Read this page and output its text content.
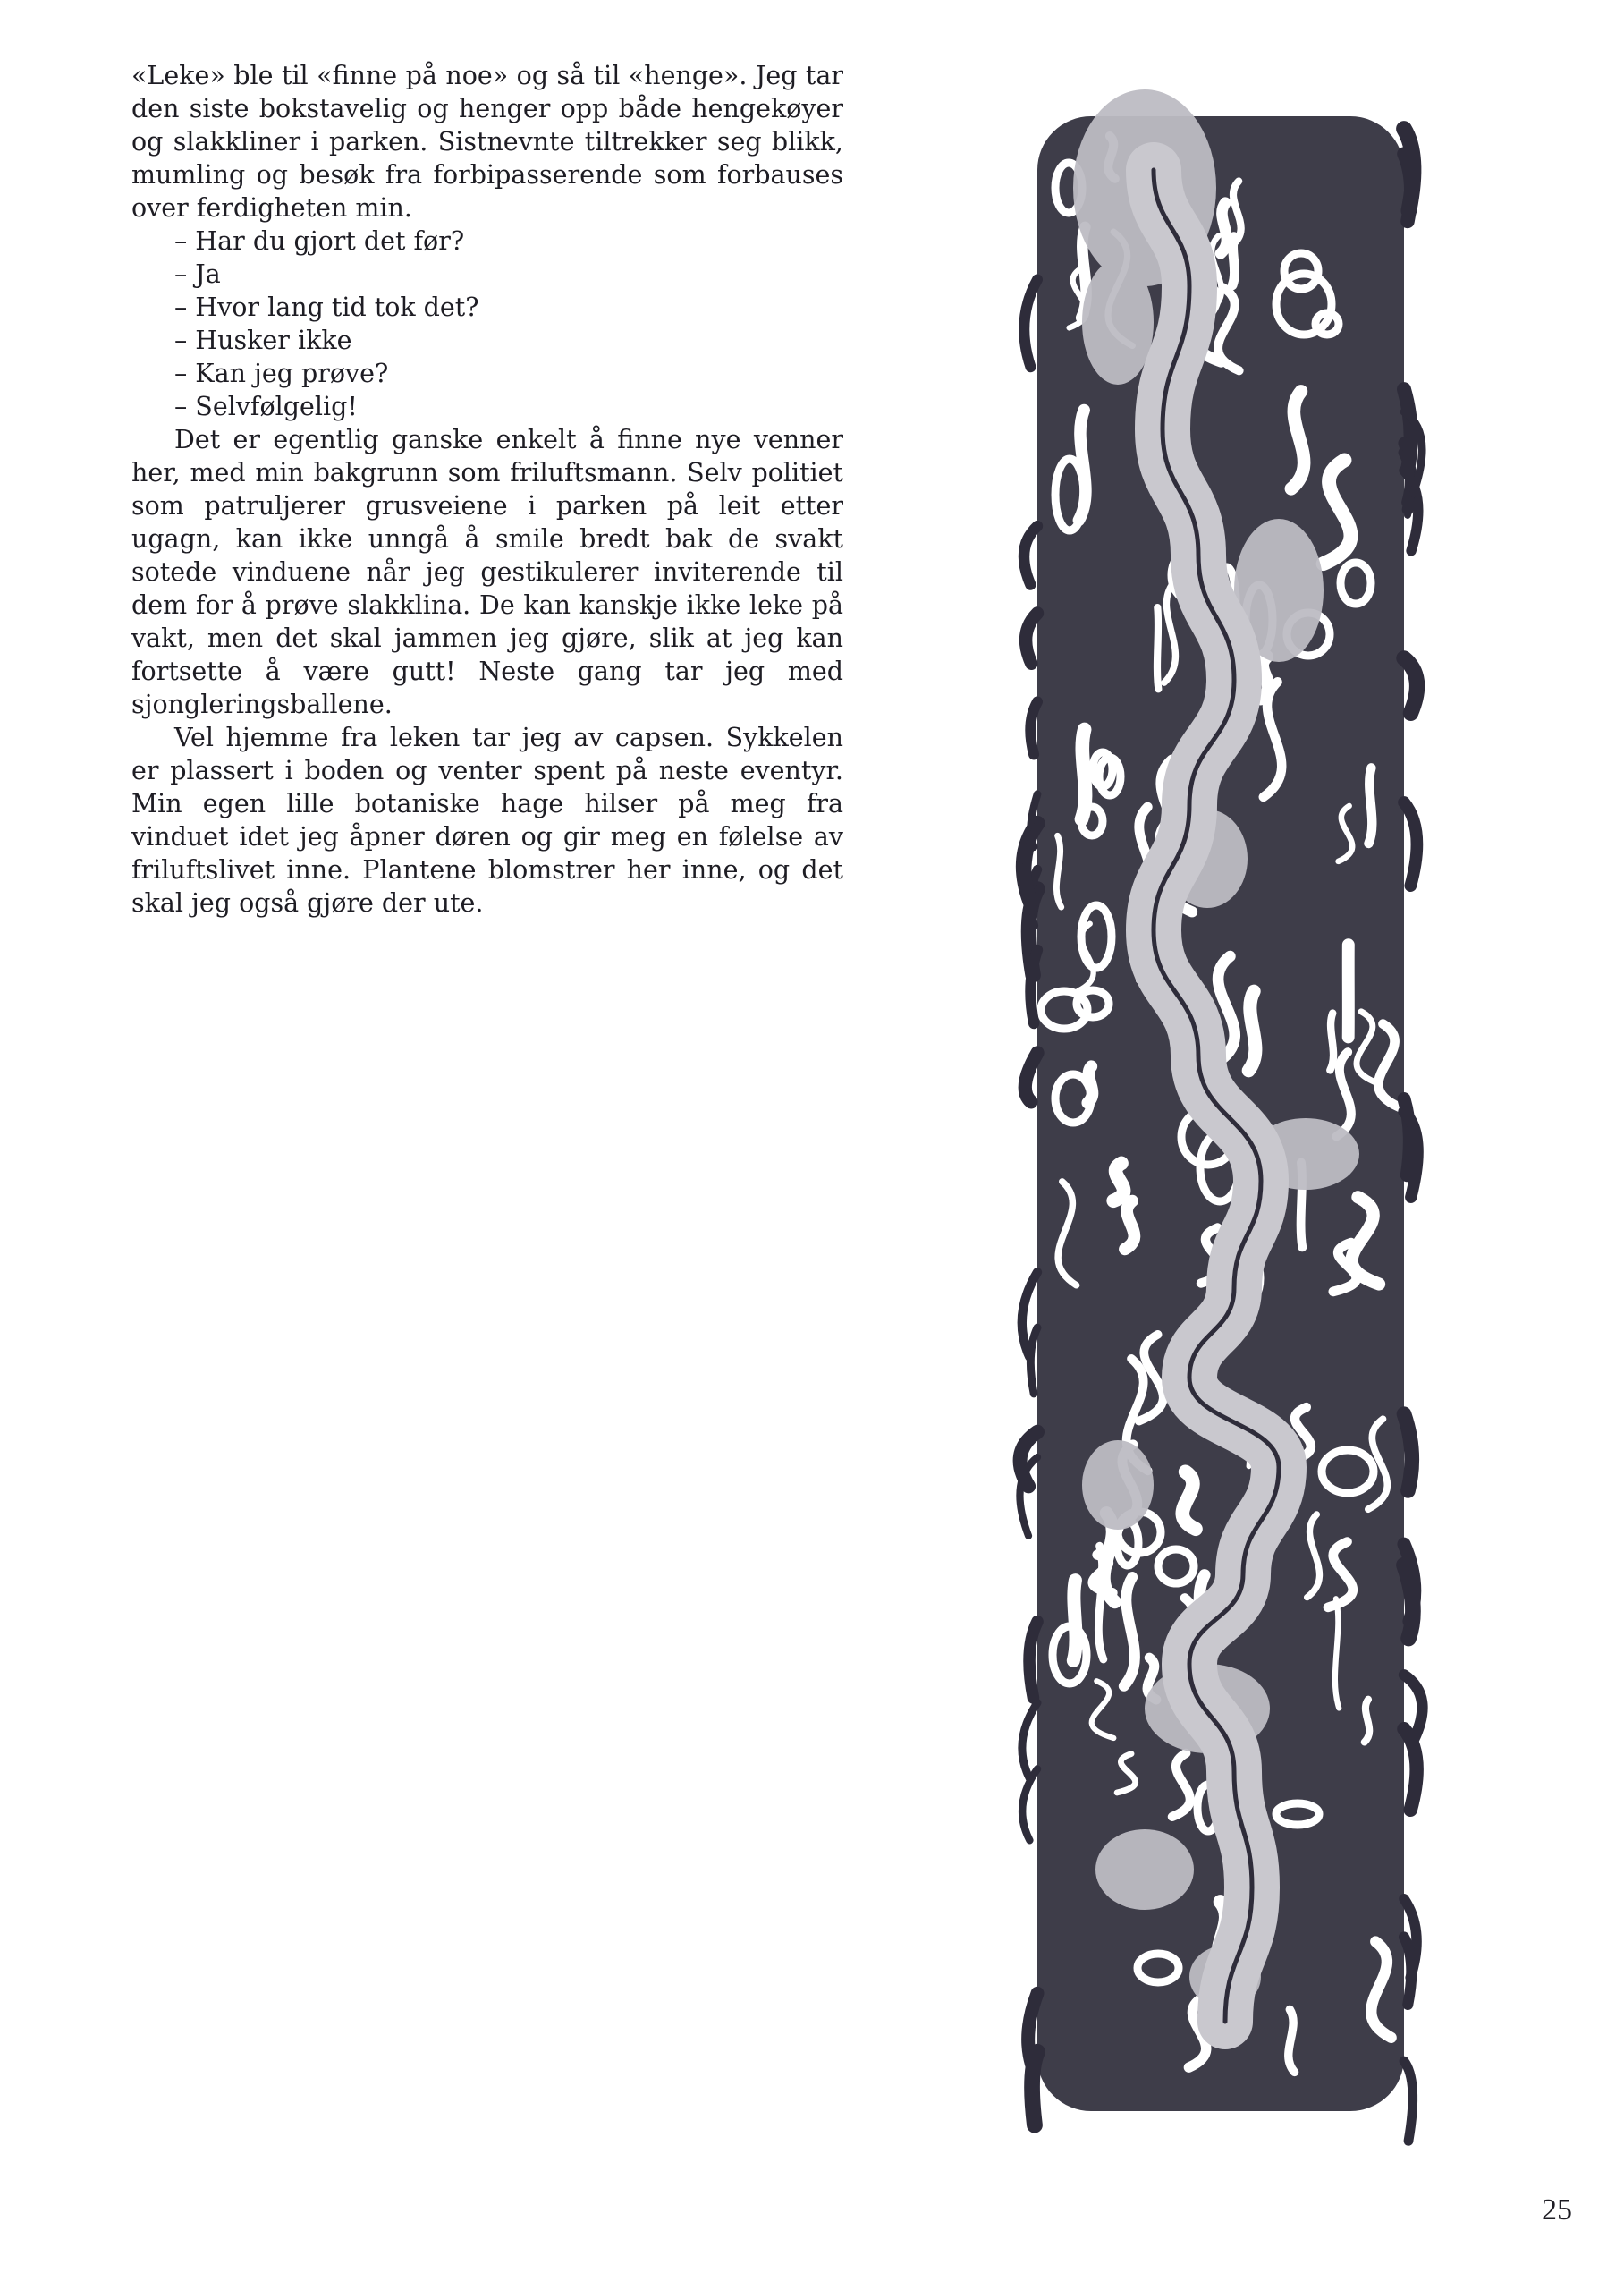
«Leke» ble til «finne på noe» og så til «henge». Jeg tar den siste bokstavelig og henger opp både hengekøyer og slakkliner i parken. Sistnevnte tiltrekker seg blikk, mumling og besøk fra forbipasserende som forbauses over ferdigheten min.

– Har du gjort det før?

– Ja

– Hvor lang tid tok det?

– Husker ikke

– Kan jeg prøve?

– Selvfølgelig!

Det er egentlig ganske enkelt å finne nye venner her, med min bakgrunn som friluftsmann. Selv politiet som patruljerer grusveiene i parken på leit etter ugagn, kan ikke unngå å smile bredt bak de svakt sotede vinduene når jeg gestikulerer inviterende til dem for å prøve slakklina. De kan kanskje ikke leke på vakt, men det skal jammen jeg gjøre, slik at jeg kan fortsette å være gutt! Neste gang tar jeg med sjongleringsballene.

Vel hjemme fra leken tar jeg av capsen. Sykkelen er plassert i boden og venter spent på neste eventyr. Min egen lille botaniske hage hilser på meg fra vinduet idet jeg åpner døren og gir meg en følelse av friluftslivet inne. Plantene blomstrer her inne, og det skal jeg også gjøre der ute.

25
